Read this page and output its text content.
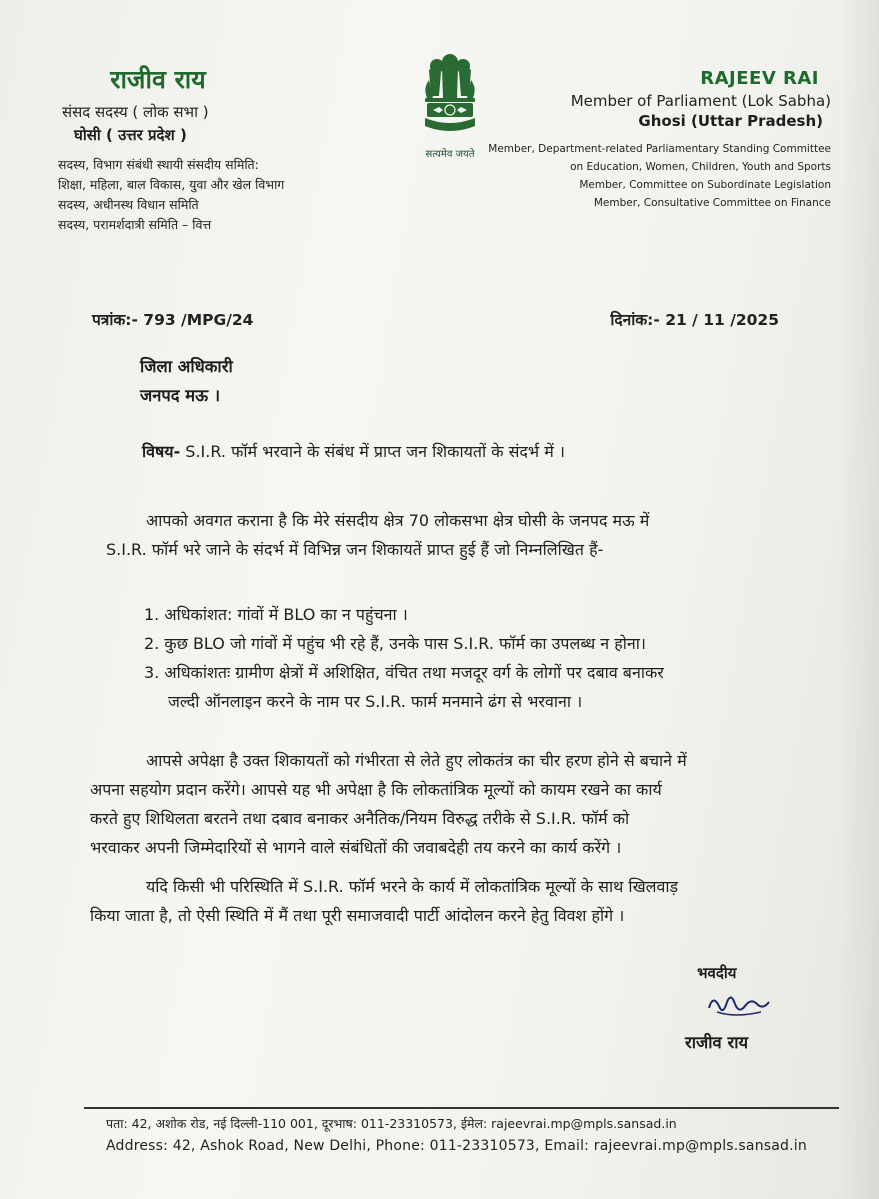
राजीव राय
संसद सदस्य ( लोक सभा )
घोसी ( उत्तर प्रदेश )
सदस्य, विभाग संबंधी स्थायी संसदीय समिति:
शिक्षा, महिला, बाल विकास, युवा और खेल विभाग
सदस्य, अधीनस्थ विधान समिति
सदस्य, परामर्शदात्री समिति – वित्त
सत्यमेव जयते
RAJEEV RAI
Member of Parliament (Lok Sabha)
Ghosi (Uttar Pradesh)
Member, Department-related Parliamentary Standing Committee
on Education, Women, Children, Youth and Sports
Member, Committee on Subordinate Legislation
Member, Consultative Committee on Finance
पत्रांक:- 793 /MPG/24	दिनांक:- 21 / 11 /2025
जिला अधिकारी
जनपद मऊ ।
विषय- S.I.R. फॉर्म भरवाने के संबंध में प्राप्त जन शिकायतों के संदर्भ में ।
आपको अवगत कराना है कि मेरे संसदीय क्षेत्र 70 लोकसभा क्षेत्र घोसी के जनपद मऊ में
S.I.R. फॉर्म भरे जाने के संदर्भ में विभिन्न जन शिकायतें प्राप्त हुई हैं जो निम्नलिखित हैं-
1. अधिकांशत: गांवों में BLO का न पहुंचना ।
2. कुछ BLO जो गांवों में पहुंच भी रहे हैं, उनके पास S.I.R. फॉर्म का उपलब्ध न होना।
3. अधिकांशतः ग्रामीण क्षेत्रों में अशिक्षित, वंचित तथा मजदूर वर्ग के लोगों पर दबाव बनाकर
जल्दी ऑनलाइन करने के नाम पर S.I.R. फार्म मनमाने ढंग से भरवाना ।
आपसे अपेक्षा है उक्त शिकायतों को गंभीरता से लेते हुए लोकतंत्र का चीर हरण होने से बचाने में
अपना सहयोग प्रदान करेंगे। आपसे यह भी अपेक्षा है कि लोकतांत्रिक मूल्यों को कायम रखने का कार्य
करते हुए शिथिलता बरतने तथा दबाव बनाकर अनैतिक/नियम विरुद्ध तरीके से S.I.R. फॉर्म को
भरवाकर अपनी जिम्मेदारियों से भागने वाले संबंधितों की जवाबदेही तय करने का कार्य करेंगे ।
यदि किसी भी परिस्थिति में S.I.R. फॉर्म भरने के कार्य में लोकतांत्रिक मूल्यों के साथ खिलवाड़
किया जाता है, तो ऐसी स्थिति में मैं तथा पूरी समाजवादी पार्टी आंदोलन करने हेतु विवश होंगे ।
भवदीय
राजीव राय
पता: 42, अशोक रोड, नई दिल्ली-110 001, दूरभाष: 011-23310573, ईमेल: rajeevrai.mp@mpls.sansad.in
Address: 42, Ashok Road, New Delhi, Phone: 011-23310573, Email: rajeevrai.mp@mpls.sansad.in
